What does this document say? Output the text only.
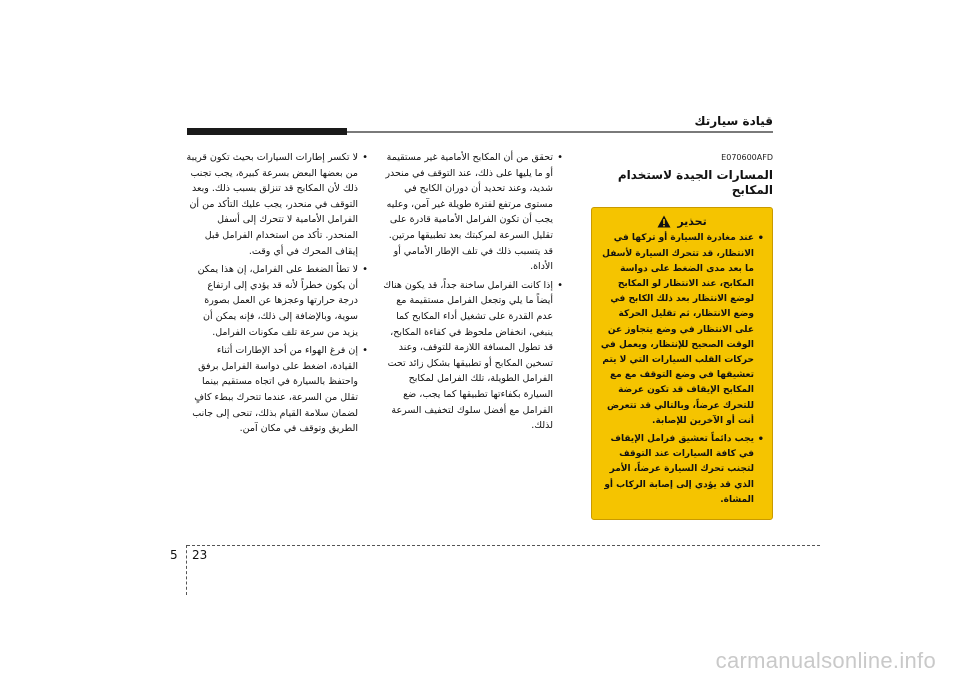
قيادة سيارتك
E070600AFD
المسارات الجيدة لاستخدام المكابح
تحذير
• عند مغادرة السيارة أو تركها في الانتظار، قد تتحرك السيارة لأسفل ما بعد مدى الضغط على دواسة المكابح، عند الانتظار لو المكابح لوضع الانتظار بعد ذلك الكابح في وضع الانتظار، ثم تقليل الحركة على الانتظار في وضع يتجاوز عن الوقت الصحيح للإنتظار، ويعمل في حركات القلب السيارات التي لا يتم تعشيقها في وضع التوقف مع مع المكابح الإيقاف قد تكون عرضة للتحرك عرضاً، وبالتالي قد تتعرض أنت أو الآخرين للإصابة.
• يجب دائماً تعشيق فرامل الإيقاف في كافة السيارات عند التوقف لتجنب تحرك السيارة عرضاً، الأمر الذي قد يؤدي إلى إصابة الركاب أو المشاة.
• تحقق من أن المكابح الأمامية غير مستقيمة أو ما يليها على ذلك، عند التوقف في منحدر شديد، وعند تحديد أن دوران الكابح في مستوى مرتفع لفترة طويلة غير آمن، وعليه يجب أن تكون الفرامل الأمامية قادرة على تقليل السرعة لمركبتك بعد تطبيقها مرتين. قد يتسبب ذلك في تلف الإطار الأمامي أو الأداة.
• إذا كانت الفرامل ساخنة جداً، قد يكون هناك أيضاً ما يلي وتجعل الفرامل مستقيمة مع عدم القدرة على تشغيل أداء المكابح كما ينبغي، انخفاض ملحوظ في كفاءة المكابح، قد تطول المسافة اللازمة للتوقف، وعند تسخين المكابح أو تطبيقها بشكل زائد تحت الفرامل الطويلة، تلك الفرامل لمكابح السيارة بكفاءتها تطبيقها كما يجب، ضع الفرامل مع أفضل سلوك لتخفيف السرعة لذلك.
• لا تكسر إطارات السيارات بحيث تكون قريبة من بعضها البعض بسرعة كبيرة، يجب تجنب ذلك لأن المكابح قد تنزلق بسبب ذلك. وبعد التوقف في منحدر، يجب عليك التأكد من أن الفرامل الأمامية لا تتحرك إلى أسفل المنحدر. تأكد من استخدام الفرامل قبل إيقاف المحرك في أي وقت.
• لا تطأ الضغط على الفرامل، إن هذا يمكن أن يكون خطراً لأنه قد يؤدي إلى ارتفاع درجة حرارتها وعجزها عن العمل بصورة سوية، وبالإضافة إلى ذلك، فإنه يمكن أن يزيد من سرعة تلف مكونات الفرامل.
• إن فرغ الهواء من أحد الإطارات أثناء القيادة، اضغط على دواسة الفرامل برفق واحتفظ بالسيارة في اتجاه مستقيم بينما تقلل من السرعة، عندما تتحرك ببطء كافٍ لضمان سلامة القيام بذلك، تنحى إلى جانب الطريق وتوقف في مكان آمن.
5 23
carmanualsonline.info
